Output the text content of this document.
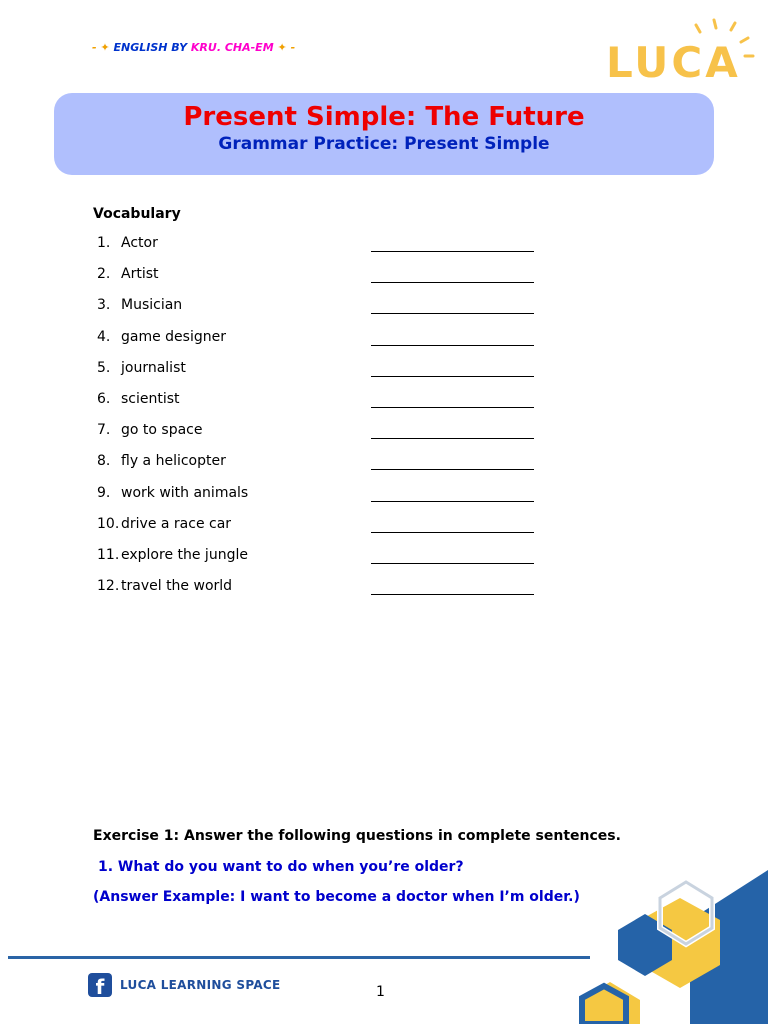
- ✦ ENGLISH BY KRU. CHA-EM ✦ -	LUCA
Present Simple: The Future
Grammar Practice: Present Simple
Vocabulary
1. Actor
2. Artist
3. Musician
4. game designer
5. journalist
6. scientist
7. go to space
8. fly a helicopter
9. work with animals
10. drive a race car
11. explore the jungle
12. travel the world
Exercise 1: Answer the following questions in complete sentences.
1. What do you want to do when you’re older?
(Answer Example: I want to become a doctor when I’m older.)
f	LUCA LEARNING SPACE	1
